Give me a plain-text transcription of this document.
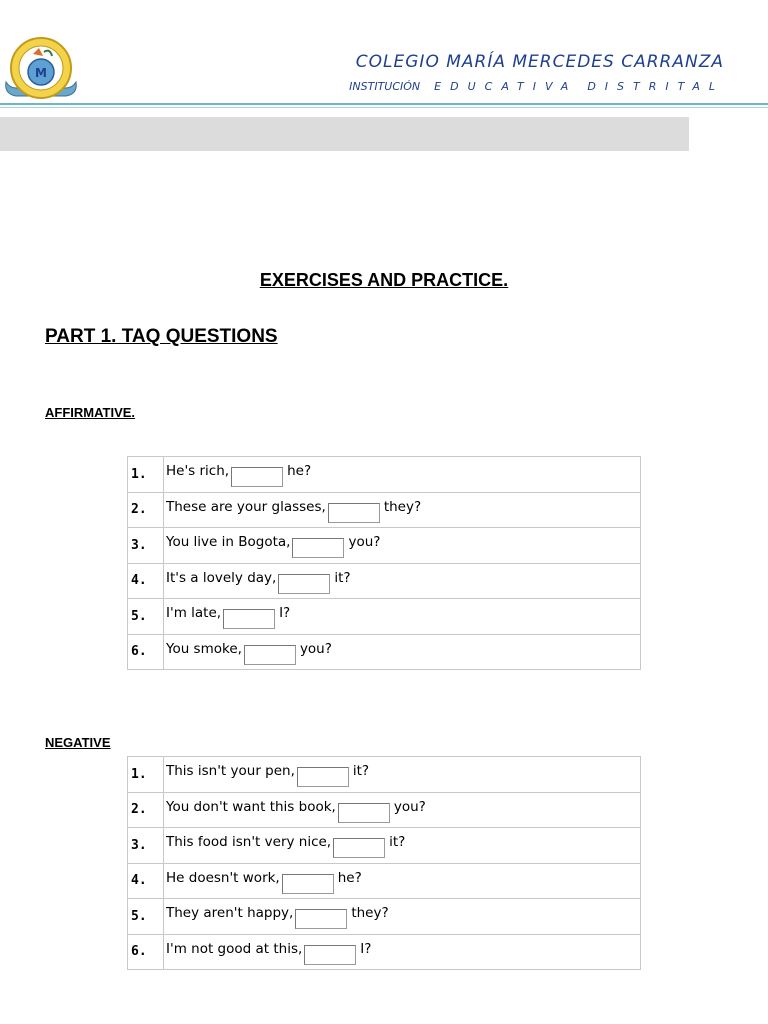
M
COLEGIO MARÍA MERCEDES CARRANZA
INSTITUCIÓN EDUCATIVA DISTRITAL
EXERCISES AND PRACTICE.
PART 1. TAQ QUESTIONS
AFFIRMATIVE.
1.	He's rich, he?
2.	These are your glasses, they?
3.	You live in Bogota, you?
4.	It's a lovely day, it?
5.	I'm late, I?
6.	You smoke, you?
NEGATIVE
1.	This isn't your pen, it?
2.	You don't want this book, you?
3.	This food isn't very nice, it?
4.	He doesn't work, he?
5.	They aren't happy, they?
6.	I'm not good at this, I?
